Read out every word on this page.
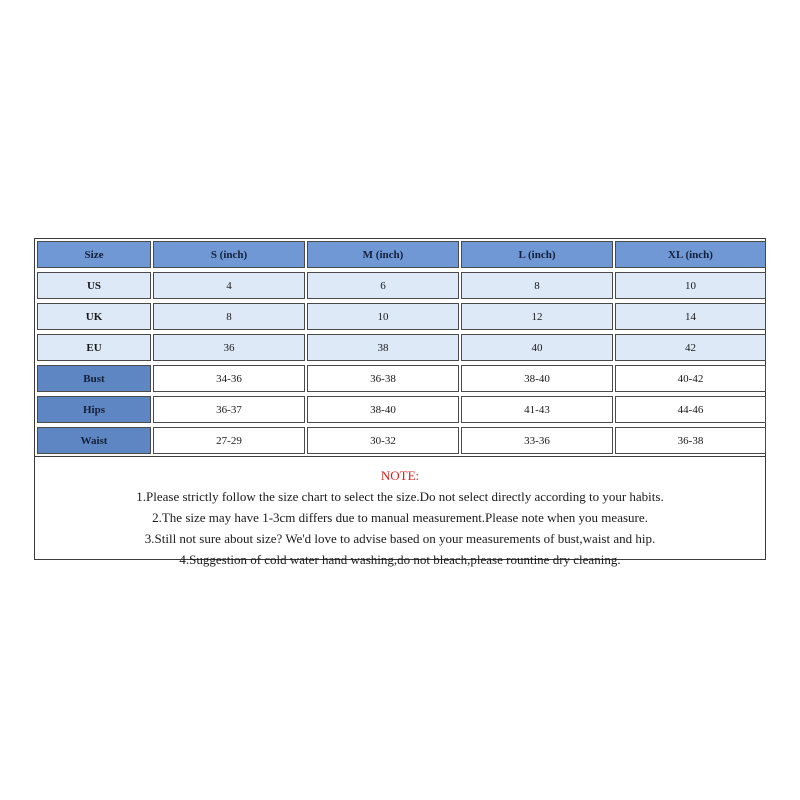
Size	S (inch)	M (inch)	L (inch)	XL (inch)
US	4	6	8	10
UK	8	10	12	14
EU	36	38	40	42
Bust	34-36	36-38	38-40	40-42
Hips	36-37	38-40	41-43	44-46
Waist	27-29	30-32	33-36	36-38
NOTE:
1.Please strictly follow the size chart to select the size.Do not select directly according to your habits.
2.The size may have 1-3cm differs due to manual measurement.Please note when you measure.
3.Still not sure about size? We'd love to advise based on your measurements of bust,waist and hip.
4.Suggestion of cold water hand washing,do not bleach,please rountine dry cleaning.
